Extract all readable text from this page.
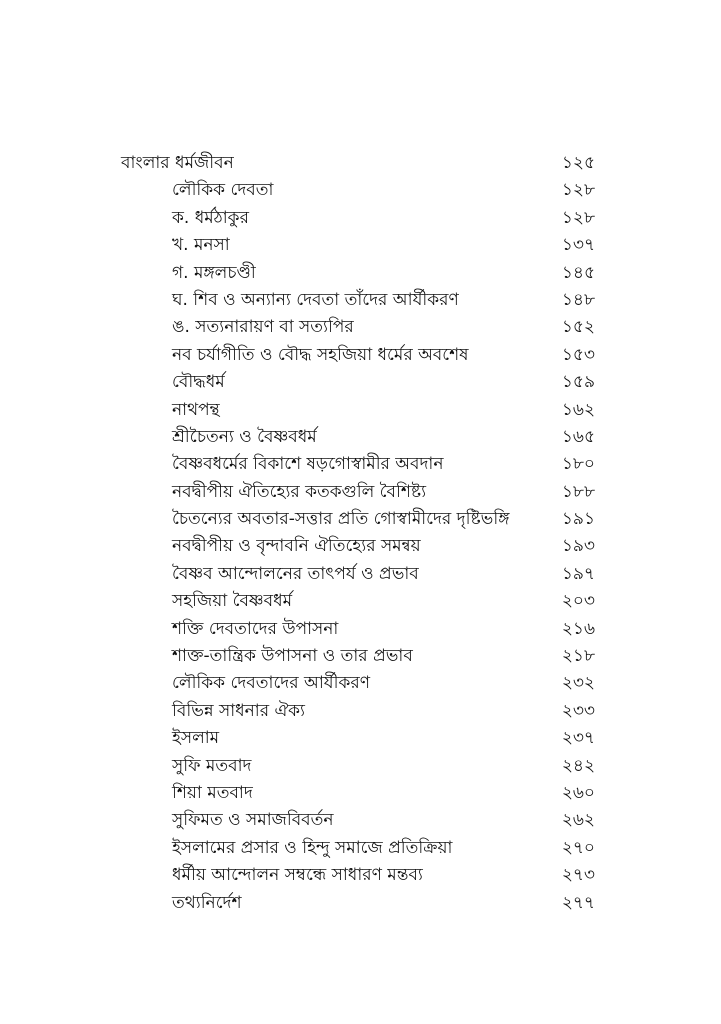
বাংলার ধর্মজীবন	১২৫
লৌকিক দেবতা	১২৮
ক. ধর্মঠাকুর	১২৮
খ. মনসা	১৩৭
গ. মঙ্গলচণ্ডী	১৪৫
ঘ. শিব ও অন্যান্য দেবতা তাঁদের আর্যীকরণ	১৪৮
ঙ. সত্যনারায়ণ বা সত্যপির	১৫২
নব চর্যাগীতি ও বৌদ্ধ সহজিয়া ধর্মের অবশেষ	১৫৩
বৌদ্ধধর্ম	১৫৯
নাথপন্থ	১৬২
শ্রীচৈতন্য ও বৈষ্ণবধর্ম	১৬৫
বৈষ্ণবধর্মের বিকাশে ষড়গোস্বামীর অবদান	১৮০
নবদ্বীপীয় ঐতিহ্যের কতকগুলি বৈশিষ্ট্য	১৮৮
চৈতন্যের অবতার-সত্তার প্রতি গোস্বামীদের দৃষ্টিভঙ্গি	১৯১
নবদ্বীপীয় ও বৃন্দাবনি ঐতিহ্যের সমন্বয়	১৯৩
বৈষ্ণব আন্দোলনের তাৎপর্য ও প্রভাব	১৯৭
সহজিয়া বৈষ্ণবধর্ম	২০৩
শক্তি দেবতাদের উপাসনা	২১৬
শাক্ত-তান্ত্রিক উপাসনা ও তার প্রভাব	২১৮
লৌকিক দেবতাদের আর্যীকরণ	২৩২
বিভিন্ন সাধনার ঐক্য	২৩৩
ইসলাম	২৩৭
সুফি মতবাদ	২৪২
শিয়া মতবাদ	২৬০
সুফিমত ও সমাজবিবর্তন	২৬২
ইসলামের প্রসার ও হিন্দু সমাজে প্রতিক্রিয়া	২৭০
ধর্মীয় আন্দোলন সম্বন্ধে সাধারণ মন্তব্য	২৭৩
তথ্যনির্দেশ	২৭৭
